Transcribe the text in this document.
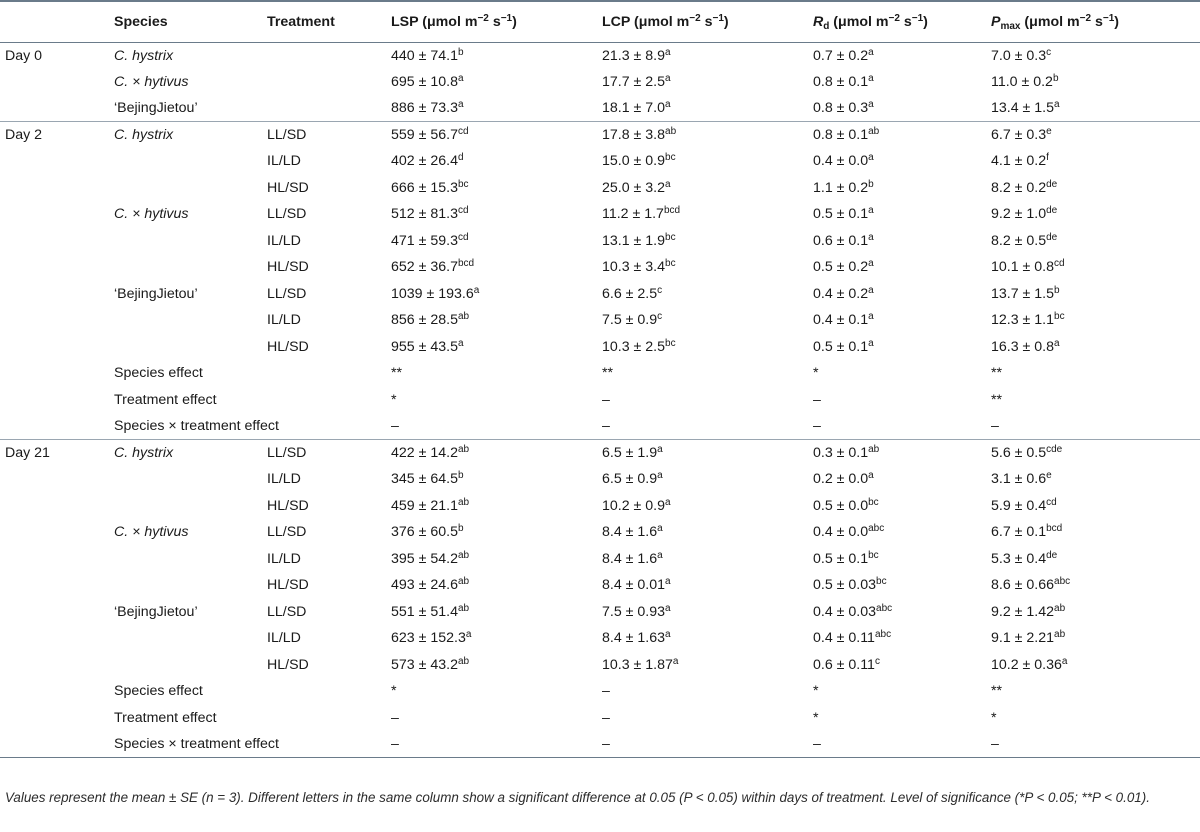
	Species	Treatment	LSP (μmol $m^{-2}$ $s^{-1}$)	LCP (μmol $m^{-2}$ $s^{-1}$)	$R_d$ (μmol $m^{-2}$ $s^{-1}$)	$P_{max}$ (μmol $m^{-2}$ $s^{-1}$)
Day 0	C. hystrix		440 ± 74.1$^b$	21.3 ± 8.9$^a$	0.7 ± 0.2$^a$	7.0 ± 0.3$^c$
	C. × hytivus		695 ± 10.8$^a$	17.7 ± 2.5$^a$	0.8 ± 0.1$^a$	11.0 ± 0.2$^b$
	‘BejingJietou’		886 ± 73.3$^a$	18.1 ± 7.0$^a$	0.8 ± 0.3$^a$	13.4 ± 1.5$^a$
Day 2	C. hystrix	LL/SD	559 ± 56.7$^{cd}$	17.8 ± 3.8$^{ab}$	0.8 ± 0.1$^{ab}$	6.7 ± 0.3$^e$
		IL/LD	402 ± 26.4$^d$	15.0 ± 0.9$^{bc}$	0.4 ± 0.0$^a$	4.1 ± 0.2$^f$
		HL/SD	666 ± 15.3$^{bc}$	25.0 ± 3.2$^a$	1.1 ± 0.2$^b$	8.2 ± 0.2de
	C. × hytivus	LL/SD	512 ± 81.3$^{cd}$	11.2 ± 1.7$^{bcd}$	0.5 ± 0.1$^a$	9.2 ± 1.0de
		IL/LD	471 ± 59.3$^{cd}$	13.1 ± 1.9$^{bc}$	0.6 ± 0.1$^a$	8.2 ± 0.5de
		HL/SD	652 ± 36.7$^{bcd}$	10.3 ± 3.4$^{bc}$	0.5 ± 0.2$^a$	10.1 ± 0.8$^{cd}$
	‘BejingJietou’	LL/SD	1039 ± 193.6$^a$	6.6 ± 2.5$^c$	0.4 ± 0.2$^a$	13.7 ± 1.5$^b$
		IL/LD	856 ± 28.5$^{ab}$	7.5 ± 0.9$^c$	0.4 ± 0.1$^a$	12.3 ± 1.1$^{bc}$
		HL/SD	955 ± 43.5$^a$	10.3 ± 2.5$^{bc}$	0.5 ± 0.1$^a$	16.3 ± 0.8$^a$
	Species effect		**	**	*	**
	Treatment effect		*	–	–	**
	Species × treatment effect		–	–	–	–
Day 21	C. hystrix	LL/SD	422 ± 14.2$^{ab}$	6.5 ± 1.9$^a$	0.3 ± 0.1$^{ab}$	5.6 ± 0.5$^{cde}$
		IL/LD	345 ± 64.5$^b$	6.5 ± 0.9$^a$	0.2 ± 0.0$^a$	3.1 ± 0.6$^e$
		HL/SD	459 ± 21.1$^{ab}$	10.2 ± 0.9$^a$	0.5 ± 0.0$^{bc}$	5.9 ± 0.4$^{cd}$
	C. × hytivus	LL/SD	376 ± 60.5$^b$	8.4 ± 1.6$^a$	0.4 ± 0.0$^{abc}$	6.7 ± 0.1$^{bcd}$
		IL/LD	395 ± 54.2$^{ab}$	8.4 ± 1.6$^a$	0.5 ± 0.1$^{bc}$	5.3 ± 0.4de
		HL/SD	493 ± 24.6$^{ab}$	8.4 ± 0.01$^a$	0.5 ± 0.03$^{bc}$	8.6 ± 0.66$^{abc}$
	‘BejingJietou’	LL/SD	551 ± 51.4$^{ab}$	7.5 ± 0.93$^a$	0.4 ± 0.03$^{abc}$	9.2 ± 1.42$^{ab}$
		IL/LD	623 ± 152.3$^a$	8.4 ± 1.63$^a$	0.4 ± 0.11$^{abc}$	9.1 ± 2.21$^{ab}$
		HL/SD	573 ± 43.2$^{ab}$	10.3 ± 1.87$^a$	0.6 ± 0.11$^c$	10.2 ± 0.36$^a$
	Species effect		*	–	*	**
	Treatment effect		–	–	*	*
	Species × treatment effect		–	–	–	–
Values represent the mean ± SE (n = 3). Different letters in the same column show a significant difference at 0.05 (P < 0.05) within days of treatment. Level of significance (*P < 0.05; **P < 0.01).
